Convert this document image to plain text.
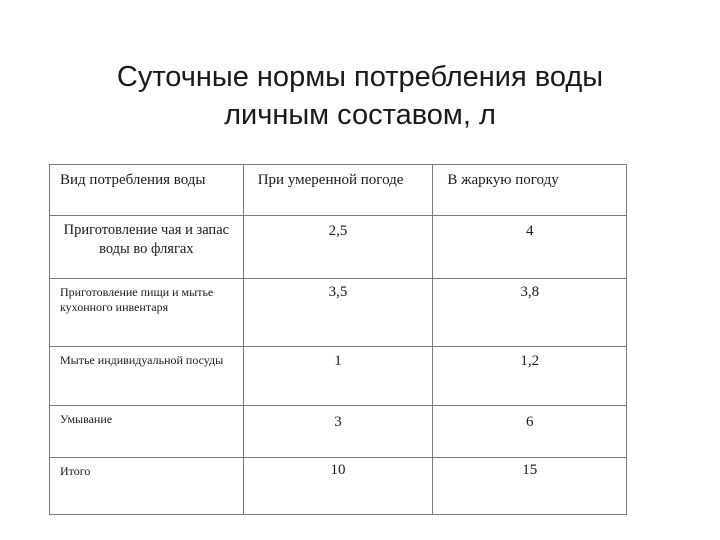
Суточные нормы потребления воды
личным составом, л
Вид потребления воды	При умеренной погоде	В жаркую погоду

Приготовление чая и запас воды во флягах	2,5	4

Приготовление пищи и мытье кухонного инвентаря	3,5	3,8

Мытье индивидуальной посуды	1	1,2

Умывание	3	6

Итого	10	15
